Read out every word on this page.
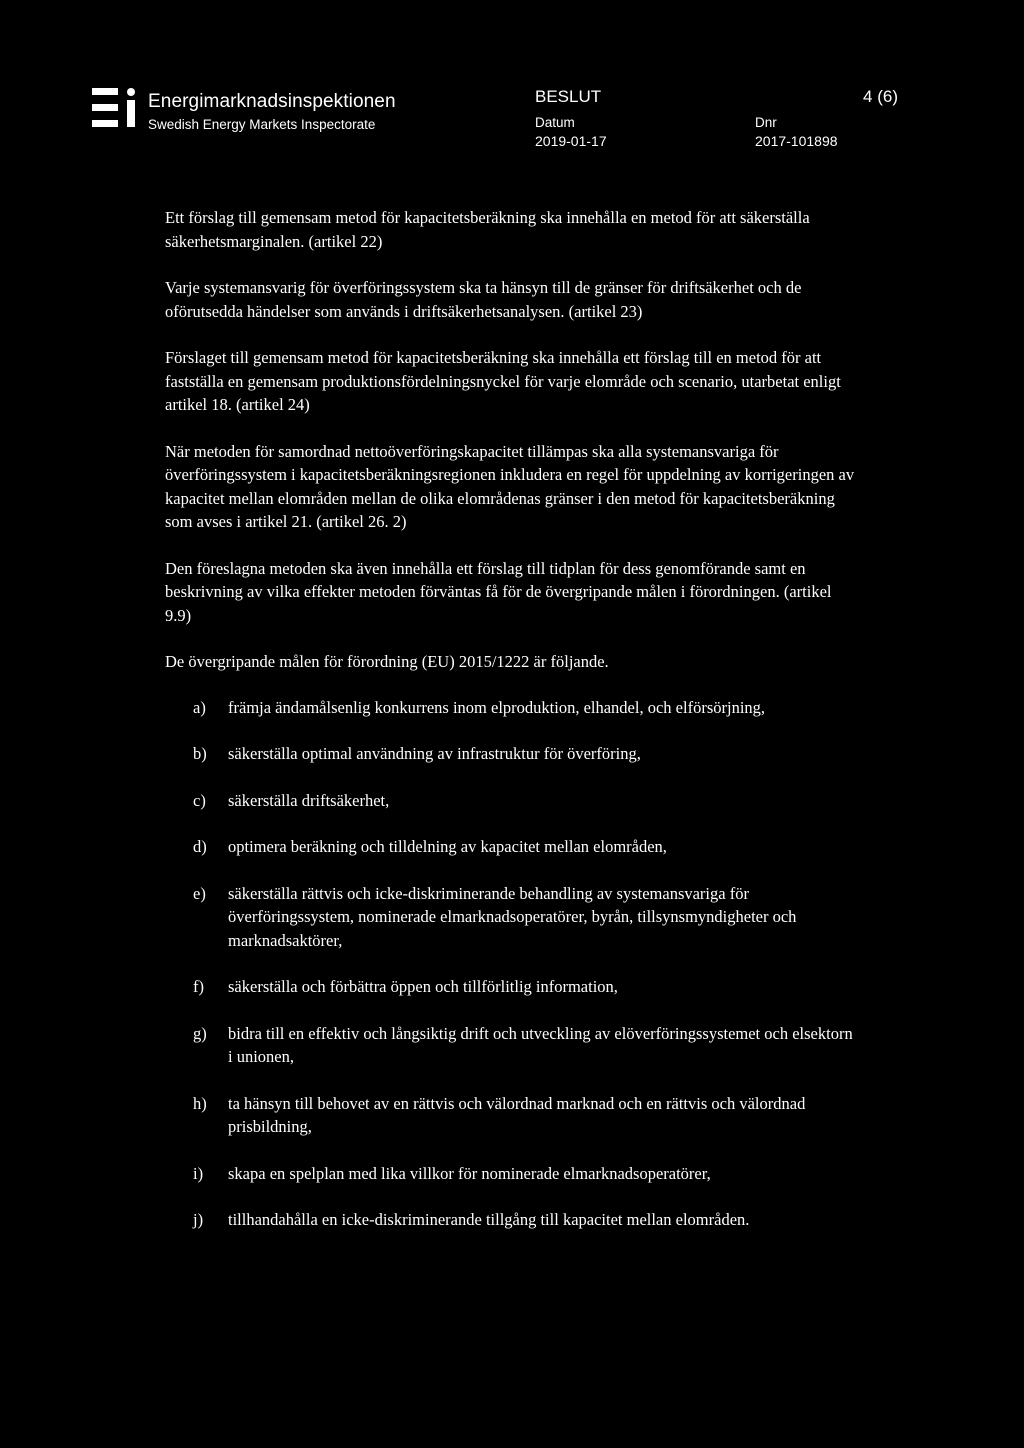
Energimarknadsinspektionen
Swedish Energy Markets Inspectorate
BESLUT	4 (6)
Datum
2019-01-17
Dnr
2017-101898

Ett förslag till gemensam metod för kapacitetsberäkning ska innehålla en metod för att säkerställa säkerhetsmarginalen. (artikel 22)

Varje systemansvarig för överföringssystem ska ta hänsyn till de gränser för driftsäkerhet och de oförutsedda händelser som används i driftsäkerhetsanalysen. (artikel 23)

Förslaget till gemensam metod för kapacitetsberäkning ska innehålla ett förslag till en metod för att fastställa en gemensam produktionsfördelningsnyckel för varje elområde och scenario, utarbetat enligt artikel 18. (artikel 24)

När metoden för samordnad nettoöverföringskapacitet tillämpas ska alla systemansvariga för överföringssystem i kapacitetsberäkningsregionen inkludera en regel för uppdelning av korrigeringen av kapacitet mellan elområden mellan de olika elområdenas gränser i den metod för kapacitetsberäkning som avses i artikel 21. (artikel 26. 2)

Den föreslagna metoden ska även innehålla ett förslag till tidplan för dess genomförande samt en beskrivning av vilka effekter metoden förväntas få för de övergripande målen i förordningen. (artikel 9.9)

De övergripande målen för förordning (EU) 2015/1222 är följande.

a)	främja ändamålsenlig konkurrens inom elproduktion, elhandel, och elförsörjning,
b)	säkerställa optimal användning av infrastruktur för överföring,
c)	säkerställa driftsäkerhet,
d)	optimera beräkning och tilldelning av kapacitet mellan elområden,
e)	säkerställa rättvis och icke-diskriminerande behandling av systemansvariga för överföringssystem, nominerade elmarknadsoperatörer, byrån, tillsynsmyndigheter och marknadsaktörer,
f)	säkerställa och förbättra öppen och tillförlitlig information,
g)	bidra till en effektiv och långsiktig drift och utveckling av elöverföringssystemet och elsektorn i unionen,
h)	ta hänsyn till behovet av en rättvis och välordnad marknad och en rättvis och välordnad prisbildning,
i)	skapa en spelplan med lika villkor för nominerade elmarknadsoperatörer,
j)	tillhandahålla en icke-diskriminerande tillgång till kapacitet mellan elområden.
